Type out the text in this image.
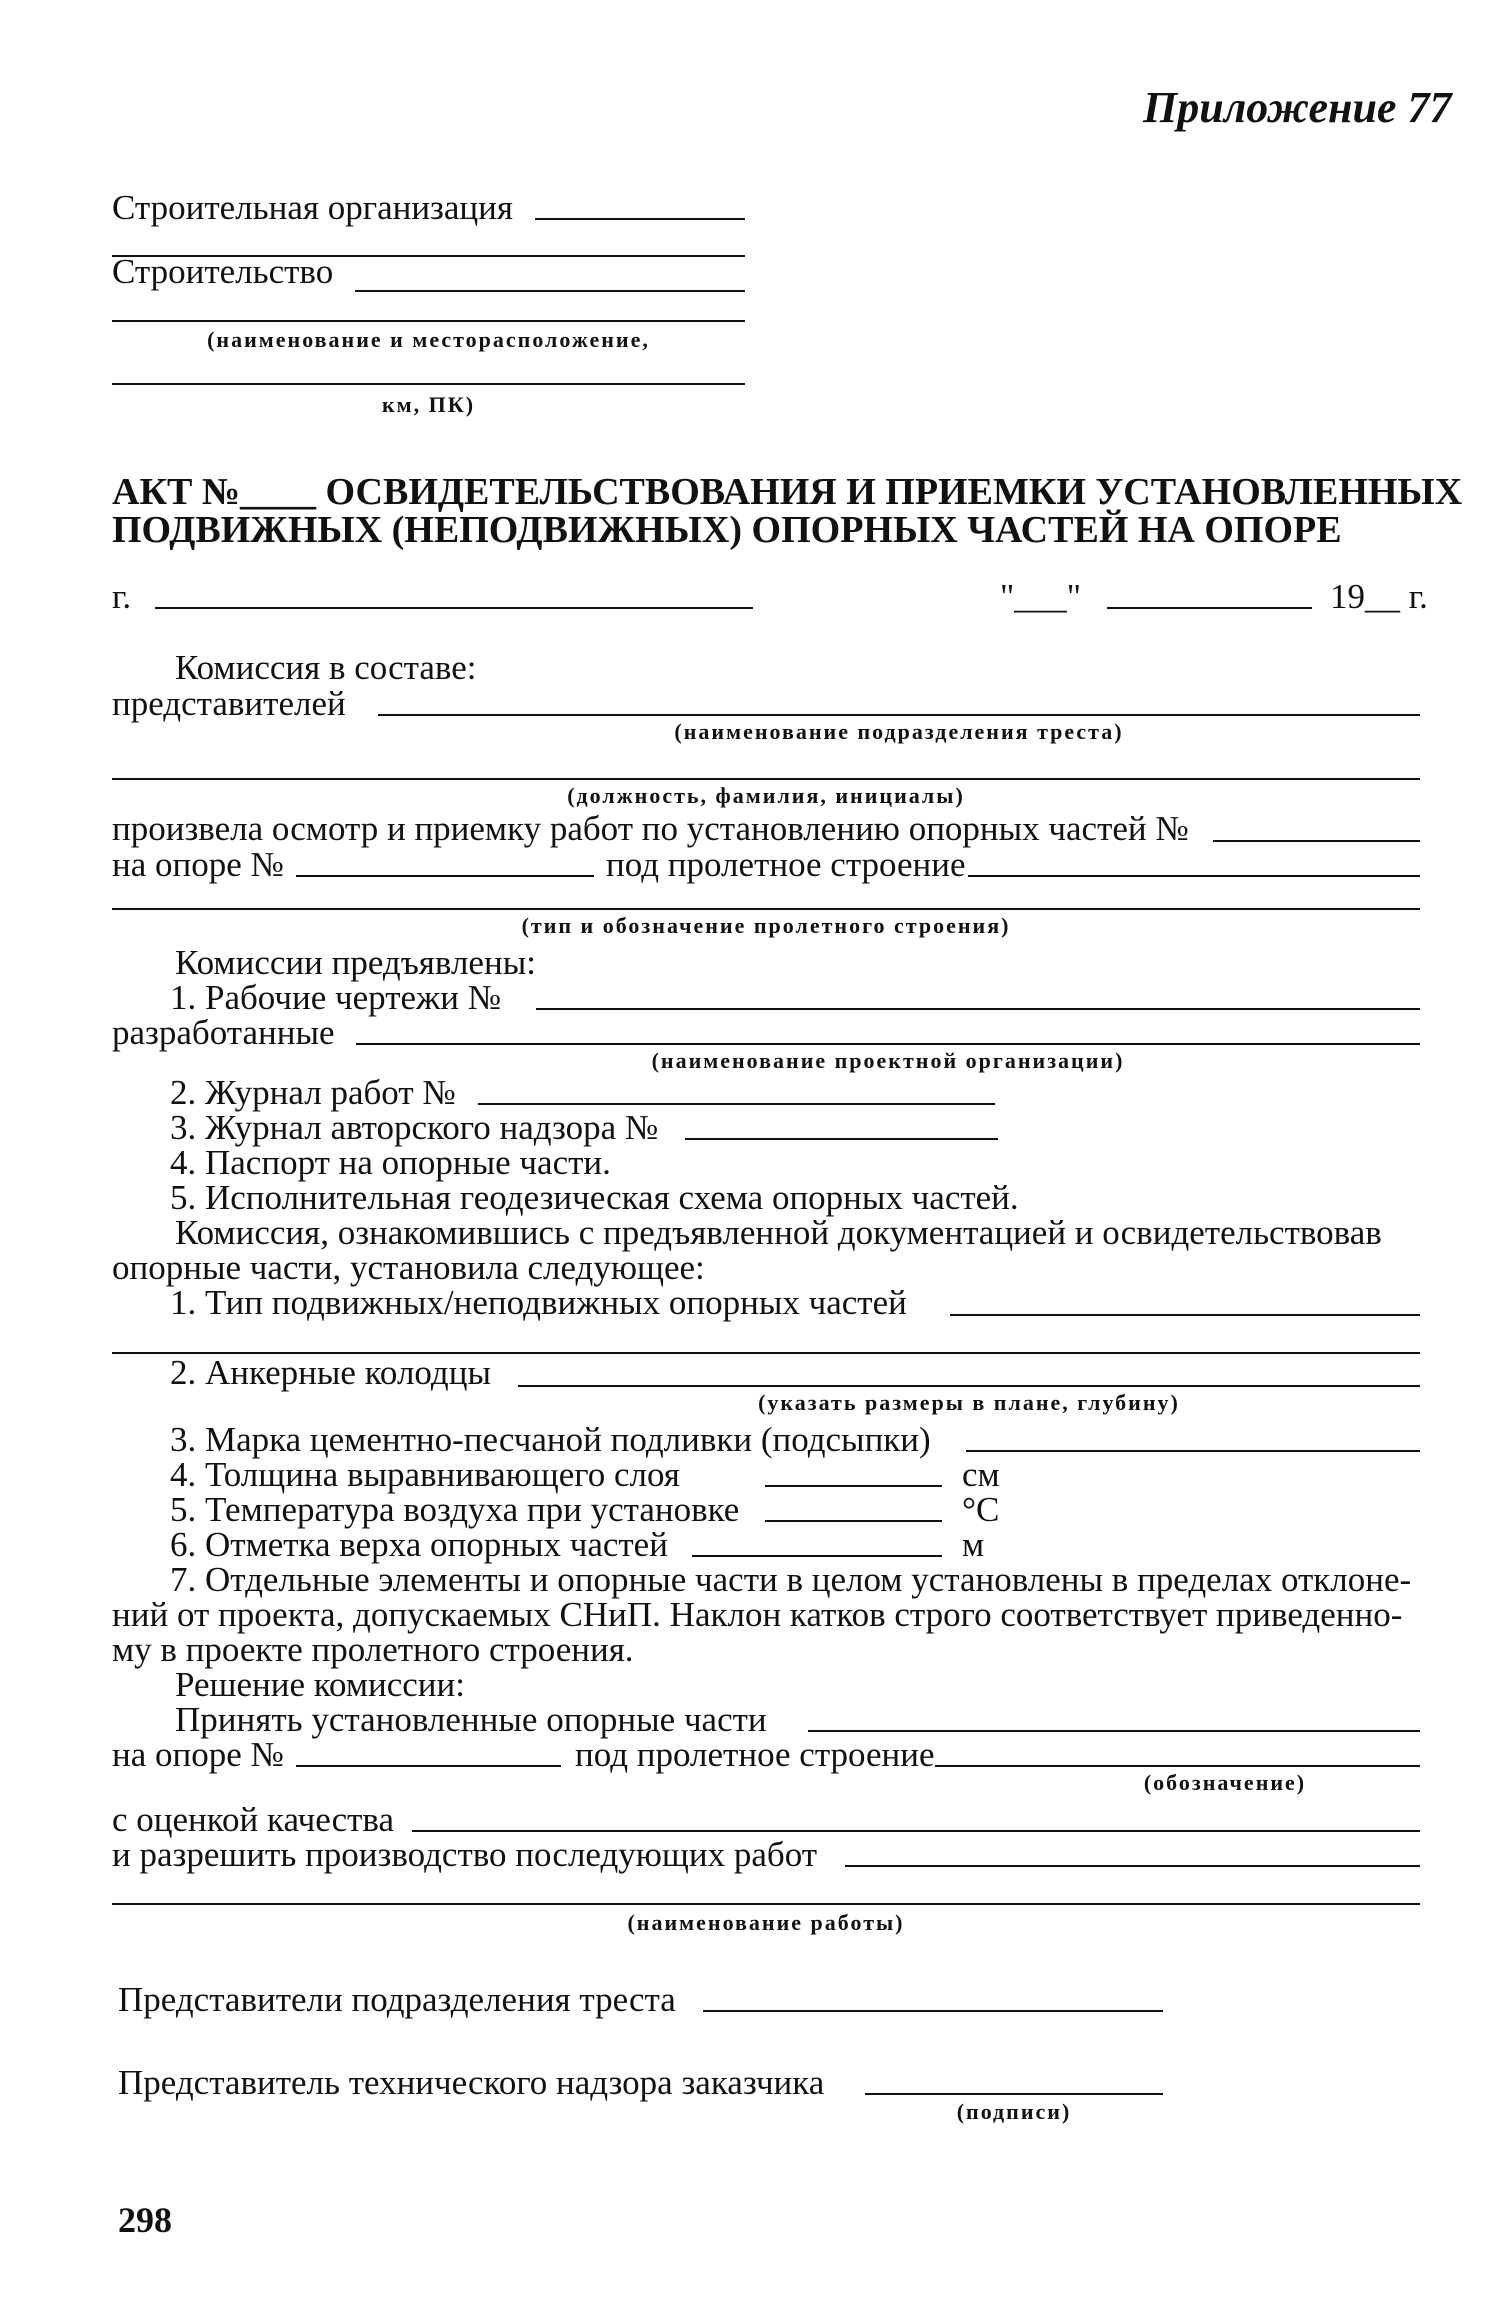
Приложение 77
Строительная организация
Строительство
(наименование и месторасположение,
км, ПК)
АКТ №____ ОСВИДЕТЕЛЬСТВОВАНИЯ И ПРИЕМКИ УСТАНОВЛЕННЫХ
ПОДВИЖНЫХ (НЕПОДВИЖНЫХ) ОПОРНЫХ ЧАСТЕЙ НА ОПОРЕ
г.	"___"	19__ г.
Комиссия в составе:
представителей
(наименование подразделения треста)
(должность, фамилия, инициалы)
произвела осмотр и приемку работ по установлению опорных частей №
на опоре №	под пролетное строение
(тип и обозначение пролетного строения)
Комиссии предъявлены:
1. Рабочие чертежи №
разработанные
(наименование проектной организации)
2. Журнал работ №
3. Журнал авторского надзора №
4. Паспорт на опорные части.
5. Исполнительная геодезическая схема опорных частей.
Комиссия, ознакомившись с предъявленной документацией и освидетельствовав
опорные части, установила следующее:
1. Тип подвижных/неподвижных опорных частей
2. Анкерные колодцы
(указать размеры в плане, глубину)
3. Марка цементно-песчаной подливки (подсыпки)
4. Толщина выравнивающего слоя	см
5. Температура воздуха при установке	°С
6. Отметка верха опорных частей	м
7. Отдельные элементы и опорные части в целом установлены в пределах отклоне-
ний от проекта, допускаемых СНиП. Наклон катков строго соответствует приведенно-
му в проекте пролетного строения.
Решение комиссии:
Принять установленные опорные части
на опоре №	под пролетное строение
(обозначение)
с оценкой качества
и разрешить производство последующих работ
(наименование работы)
Представители подразделения треста
Представитель технического надзора заказчика
(подписи)
298
